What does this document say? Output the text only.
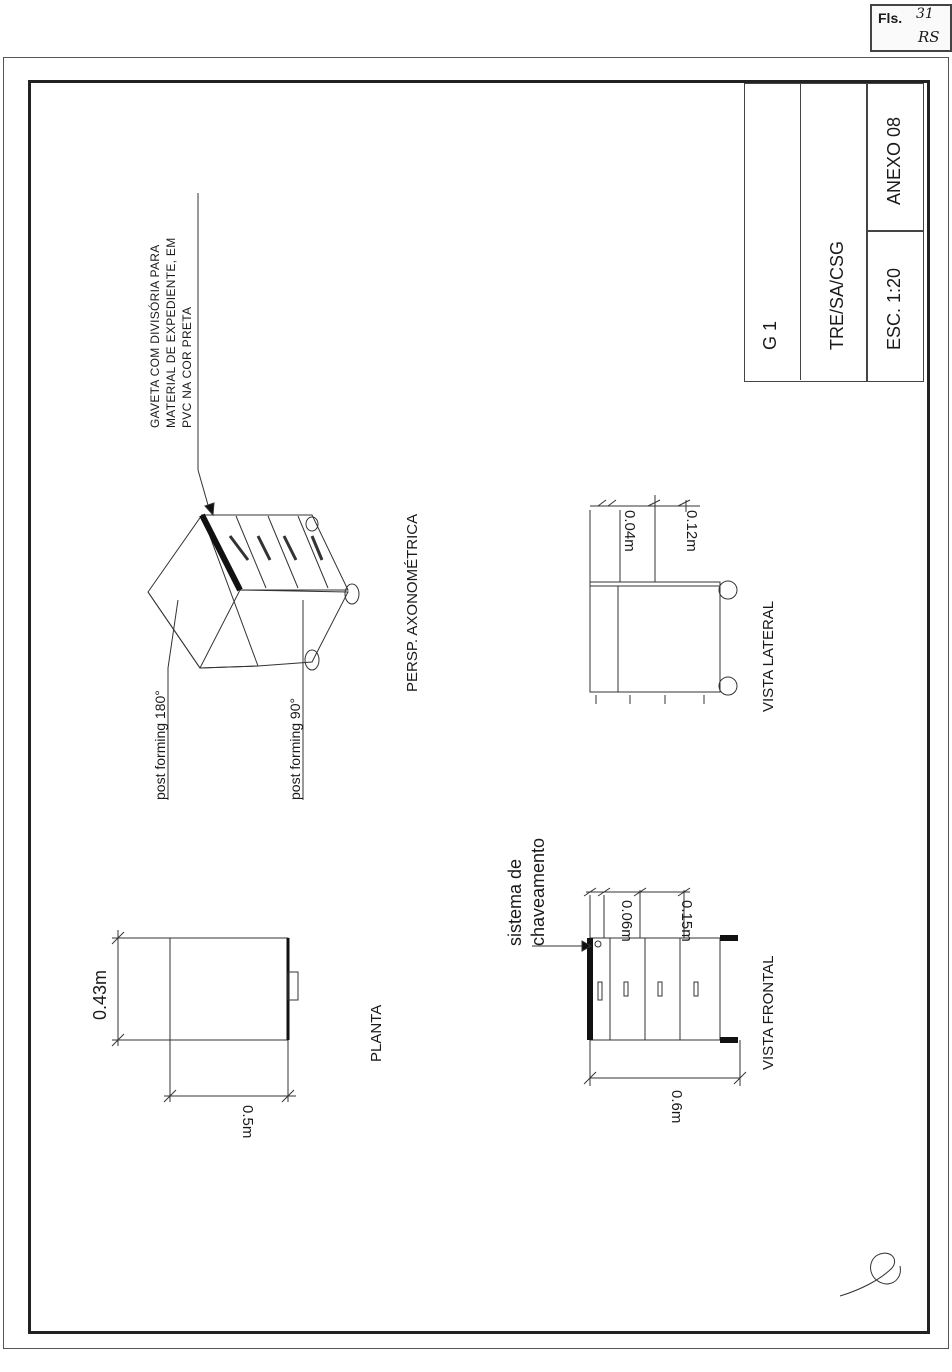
Fls. 31
RS
G 1	TRE/SA/CSG
ANEXO 08
ESC. 1:20
GAVETA COM DIVISÓRIA PARA MATERIAL DE EXPEDIENTE, EM PVC NA COR PRETA
post forming 180°	post forming 90°
PERSP. AXONOMÉTRICA	0.12m
0.04m
VISTA LATERAL
sistema de chaveamento	0.15m
0.06m
0.6m
VISTA FRONTAL
0.43m
0.5m
PLANTA
